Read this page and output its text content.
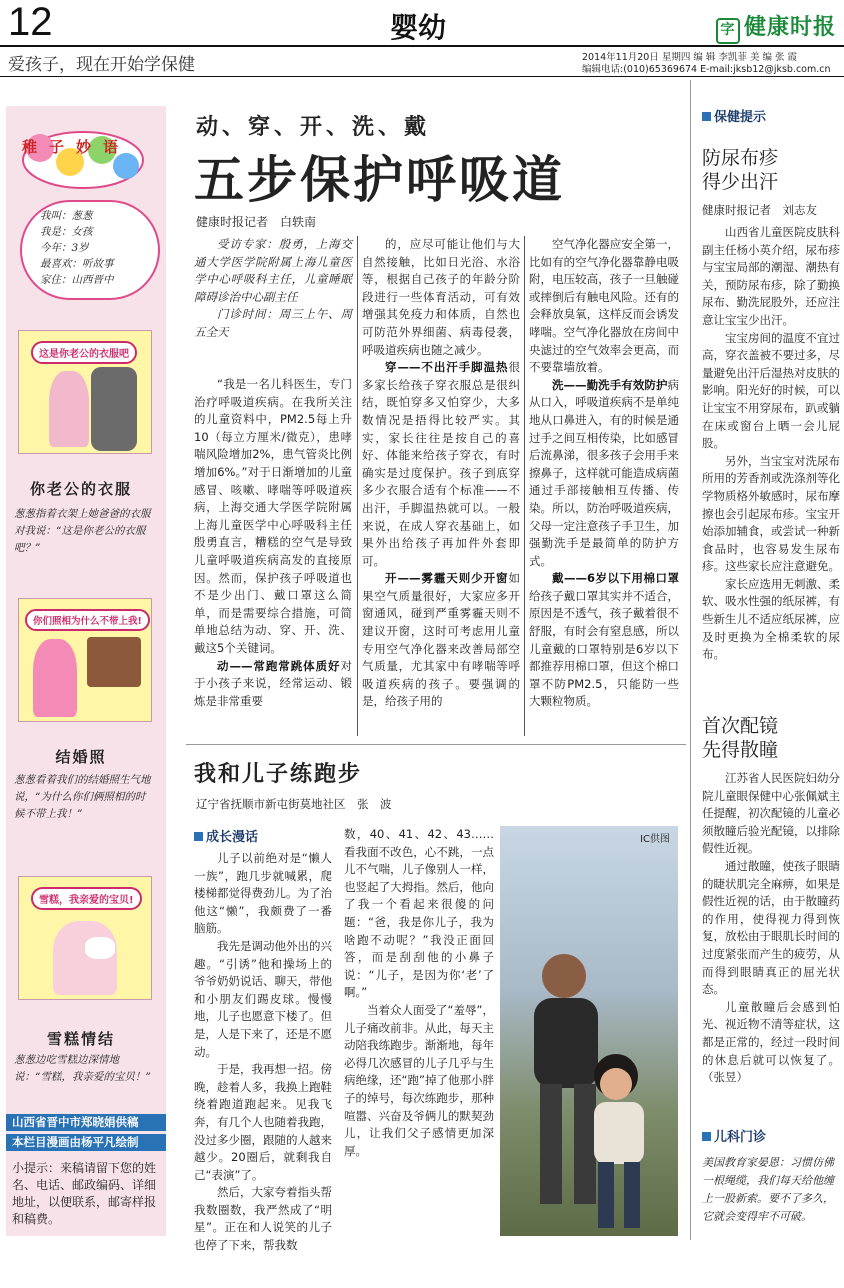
12	婴幼	字 健康时报
爱孩子，现在开始学保健	2014年11月20日 星期四 编 辑 李凯菲 美 编 张 霞
编辑电话:(010)65369674 E-mail:jksb12@jksb.com.cn
稚子妙语
我叫：葱葱
我是：女孩
今年：3岁
最喜欢：听故事
家住：山西晋中
这是你老公的衣服吧
你老公的衣服
葱葱指着衣架上她爸爸的衣服对我说：“这是你老公的衣服吧？”
你们照相为什么不带上我!
结婚照
葱葱看着我们的结婚照生气地说，“为什么你们俩照相的时候不带上我！”
雪糕，我亲爱的宝贝!
雪糕情结
葱葱边吃雪糕边深情地说：“雪糕，我亲爱的宝贝！”
山西省晋中市郑晓娟供稿
本栏目漫画由杨平凡绘制
小提示：来稿请留下您的姓名、电话、邮政编码、详细地址，以便联系，邮寄样报和稿费。
动、穿、开、洗、戴
五步保护呼吸道
健康时报记者　白轶南

受访专家：殷勇，上海交通大学医学院附属上海儿童医学中心呼吸科主任，儿童睡眠障碍诊治中心副主任

门诊时间：周三上午、周五全天

“我是一名儿科医生，专门治疗呼吸道疾病。在我所关注的儿童资料中，PM2.5每上升10（每立方厘米/微克），患哮喘风险增加2%，患气管炎比例增加6%。”对于日渐增加的儿童感冒、咳嗽、哮喘等呼吸道疾病，上海交通大学医学院附属上海儿童医学中心呼吸科主任殷勇直言，糟糕的空气是导致儿童呼吸道疾病高发的直接原因。然而，保护孩子呼吸道也不是少出门、戴口罩这么简单，而是需要综合措施，可简单地总结为动、穿、开、洗、戴这5个关键词。

动——常跑常跳体质好对于小孩子来说，经常运动、锻炼是非常重要

的，应尽可能让他们与大自然接触，比如日光浴、水浴等，根据自己孩子的年龄分阶段进行一些体育活动，可有效增强其免疫力和体质，自然也可防范外界细菌、病毒侵袭，呼吸道疾病也随之减少。

穿——不出汗手脚温热很多家长给孩子穿衣服总是很纠结，既怕穿多又怕穿少，大多数情况是捂得比较严实。其实，家长往往是按自己的喜好、体能来给孩子穿衣，有时确实是过度保护。孩子到底穿多少衣服合适有个标准——不出汗，手脚温热就可以。一般来说，在成人穿衣基础上，如果外出给孩子再加件外套即可。

开——雾霾天则少开窗如果空气质量很好，大家应多开窗通风，碰到严重雾霾天则不建议开窗，这时可考虑用儿童专用空气净化器来改善局部空气质量，尤其家中有哮喘等呼吸道疾病的孩子。要强调的是，给孩子用的

空气净化器应安全第一，比如有的空气净化器靠静电吸附，电压较高，孩子一旦触碰或摔倒后有触电风险。还有的会释放臭氧，这样反而会诱发哮喘。空气净化器放在房间中央滤过的空气效率会更高，而不要靠墙放着。

洗——勤洗手有效防护病从口入，呼吸道疾病不是单纯地从口鼻进入，有的时候是通过手之间互相传染，比如感冒后流鼻涕，很多孩子会用手来擦鼻子，这样就可能造成病菌通过手部接触相互传播、传染。所以，防治呼吸道疾病，父母一定注意孩子手卫生，加强勤洗手是最简单的防护方式。

戴——6岁以下用棉口罩给孩子戴口罩其实并不适合，原因是不透气，孩子戴着很不舒服，有时会有窒息感，所以儿童戴的口罩特别是6岁以下都推荐用棉口罩，但这个棉口罩不防PM2.5，只能防一些大颗粒物质。

我和儿子练跑步
辽宁省抚顺市新屯街莫地社区　张　波
成长漫话

儿子以前绝对是“懒人一族”，跑几步就喊累，爬楼梯都觉得费劲儿。为了治他这“懒”，我颇费了一番脑筋。

我先是调动他外出的兴趣。“引诱”他和操场上的爷爷奶奶说话、聊天，带他和小朋友们踢皮球。慢慢地，儿子也愿意下楼了。但是，人是下来了，还是不愿动。

于是，我再想一招。傍晚，趁着人多，我换上跑鞋绕着跑道跑起来。见我飞奔，有几个人也随着我跑，没过多少圈，跟随的人越来越少。20圈后，就剩我自己“表演”了。

然后，大家夸着指头帮我数圈数，我严然成了“明星”。正在和人说笑的儿子也停了下来，帮我数

数，40、41、42、43……看我面不改色，心不跳，一点儿不气喘，儿子像别人一样，也竖起了大拇指。然后，他向了我一个看起来很傻的问题：“爸，我是你儿子，我为啥跑不动呢？”我没正面回答，而是刮刮他的小鼻子说：“儿子，是因为你‘老’了啊。”

当着众人面受了“羞辱”，儿子痛改前非。从此，每天主动陪我练跑步。渐渐地，每年必得几次感冒的儿子几乎与生病绝缘，还“跑”掉了他那小胖子的绰号，每次练跑步，那种喧嚣、兴奋及爷俩儿的默契劲儿，让我们父子感情更加深厚。

IC供图
保健提示
防尿布疹
得少出汗
健康时报记者　刘志友

山西省儿童医院皮肤科副主任杨小英介绍，尿布疹与宝宝局部的潮湿、潮热有关，预防尿布疹，除了勤换尿布、勤洗屁股外，还应注意让宝宝少出汗。

宝宝房间的温度不宜过高，穿衣盖被不要过多，尽量避免出汗后湿热对皮肤的影响。阳光好的时候，可以让宝宝不用穿尿布，趴或躺在床或窗台上晒一会儿屁股。

另外，当宝宝对洗尿布所用的芳香剂或洗涤剂等化学物质格外敏感时，尿布摩擦也会引起尿布疹。宝宝开始添加辅食，或尝试一种新食品时，也容易发生尿布疹。这些家长应注意避免。

家长应选用无刺激、柔软、吸水性强的纸尿裤，有些新生儿不适应纸尿裤，应及时更换为全棉柔软的尿布。

首次配镜
先得散瞳

江苏省人民医院妇幼分院儿童眼保健中心张佩斌主任提醒，初次配镜的儿童必须散瞳后验光配镜，以排除假性近视。

通过散瞳，使孩子眼睛的睫状肌完全麻痹，如果是假性近视的话，由于散瞳药的作用，使得视力得到恢复，放松由于眼肌长时间的过度紧张而产生的疲劳，从而得到眼睛真正的屈光状态。

儿童散瞳后会感到怕光、视近物不清等症状，这都是正常的，经过一段时间的休息后就可以恢复了。（张昱）

儿科门诊
美国教育家晏恩：习惯仿佛一根绳缆，我们每天给他缠上一股新索。要不了多久，它就会变得牢不可破。
